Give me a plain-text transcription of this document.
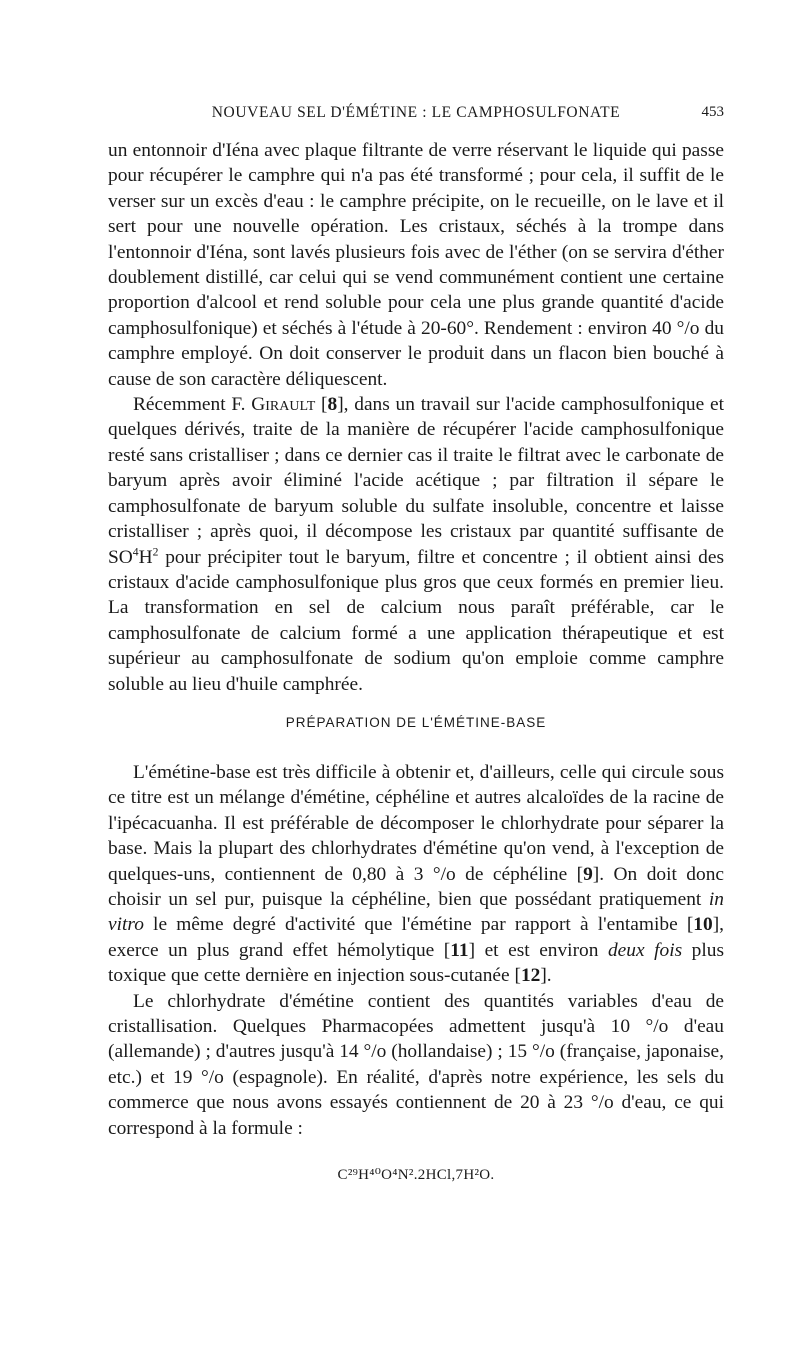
NOUVEAU SEL D'ÉMÉTINE : LE CAMPHOSULFONATE	453

un entonnoir d'Iéna avec plaque filtrante de verre réservant le liquide qui passe pour récupérer le camphre qui n'a pas été transformé ; pour cela, il suffit de le verser sur un excès d'eau : le camphre précipite, on le recueille, on le lave et il sert pour une nouvelle opération. Les cristaux, séchés à la trompe dans l'entonnoir d'Iéna, sont lavés plusieurs fois avec de l'éther (on se servira d'éther doublement distillé, car celui qui se vend communément contient une certaine proportion d'alcool et rend soluble pour cela une plus grande quantité d'acide camphosulfonique) et séchés à l'étude à 20-60°. Rendement : environ 40 °/o du camphre employé. On doit conserver le produit dans un flacon bien bouché à cause de son caractère déliquescent.

Récemment F. Girault [8], dans un travail sur l'acide camphosulfonique et quelques dérivés, traite de la manière de récupérer l'acide camphosulfonique resté sans cristalliser ; dans ce dernier cas il traite le filtrat avec le carbonate de baryum après avoir éliminé l'acide acétique ; par filtration il sépare le camphosulfonate de baryum soluble du sulfate insoluble, concentre et laisse cristalliser ; après quoi, il décompose les cristaux par quantité suffisante de $SO^4H^2$ pour précipiter tout le baryum, filtre et concentre ; il obtient ainsi des cristaux d'acide camphosulfonique plus gros que ceux formés en premier lieu. La transformation en sel de calcium nous paraît préférable, car le camphosulfonate de calcium formé a une application thérapeutique et est supérieur au camphosulfonate de sodium qu'on emploie comme camphre soluble au lieu d'huile camphrée.

PRÉPARATION DE L'ÉMÉTINE-BASE

L'émétine-base est très difficile à obtenir et, d'ailleurs, celle qui circule sous ce titre est un mélange d'émétine, céphéline et autres alcaloïdes de la racine de l'ipécacuanha. Il est préférable de décomposer le chlorhydrate pour séparer la base. Mais la plupart des chlorhydrates d'émétine qu'on vend, à l'exception de quelques-uns, contiennent de 0,80 à 3 °/o de céphéline [9]. On doit donc choisir un sel pur, puisque la céphéline, bien que possédant pratiquement in vitro le même degré d'activité que l'émétine par rapport à l'entamibe [10], exerce un plus grand effet hémolytique [11] et est environ deux fois plus toxique que cette dernière en injection sous-cutanée [12].

Le chlorhydrate d'émétine contient des quantités variables d'eau de cristallisation. Quelques Pharmacopées admettent jusqu'à 10 °/o d'eau (allemande) ; d'autres jusqu'à 14 °/o (hollandaise) ; 15 °/o (française, japonaise, etc.) et 19 °/o (espagnole). En réalité, d'après notre expérience, les sels du commerce que nous avons essayés contiennent de 20 à 23 °/o d'eau, ce qui correspond à la formule :

C²⁹H⁴⁰O⁴N².2HCl,7H²O.
